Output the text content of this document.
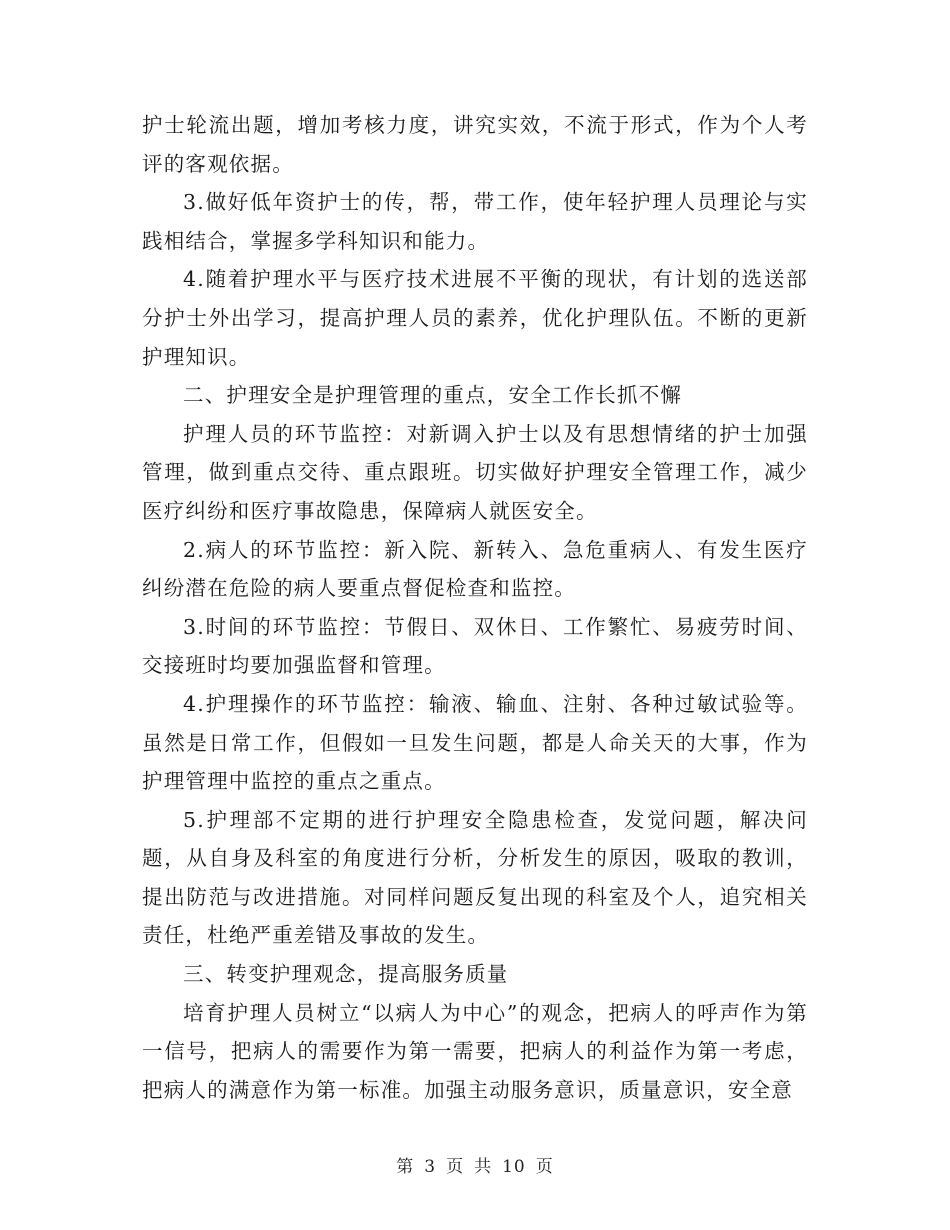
护士轮流出题，增加考核力度，讲究实效，不流于形式，作为个人考评的客观依据。

3.做好低年资护士的传，帮，带工作，使年轻护理人员理论与实践相结合，掌握多学科知识和能力。

4.随着护理水平与医疗技术进展不平衡的现状，有计划的选送部分护士外出学习，提高护理人员的素养，优化护理队伍。不断的更新护理知识。

二、护理安全是护理管理的重点，安全工作长抓不懈

护理人员的环节监控：对新调入护士以及有思想情绪的护士加强管理，做到重点交待、重点跟班。切实做好护理安全管理工作，减少医疗纠纷和医疗事故隐患，保障病人就医安全。

2.病人的环节监控：新入院、新转入、急危重病人、有发生医疗纠纷潜在危险的病人要重点督促检查和监控。

3.时间的环节监控：节假日、双休日、工作繁忙、易疲劳时间、交接班时均要加强监督和管理。

4.护理操作的环节监控：输液、输血、注射、各种过敏试验等。虽然是日常工作，但假如一旦发生问题，都是人命关天的大事，作为护理管理中监控的重点之重点。

5.护理部不定期的进行护理安全隐患检查，发觉问题，解决问题，从自身及科室的角度进行分析，分析发生的原因，吸取的教训，提出防范与改进措施。对同样问题反复出现的科室及个人，追究相关责任，杜绝严重差错及事故的发生。

三、转变护理观念，提高服务质量

培育护理人员树立“以病人为中心”的观念，把病人的呼声作为第一信号，把病人的需要作为第一需要，把病人的利益作为第一考虑，把病人的满意作为第一标准。加强主动服务意识，质量意识，安全意

第 3 页 共 10 页
